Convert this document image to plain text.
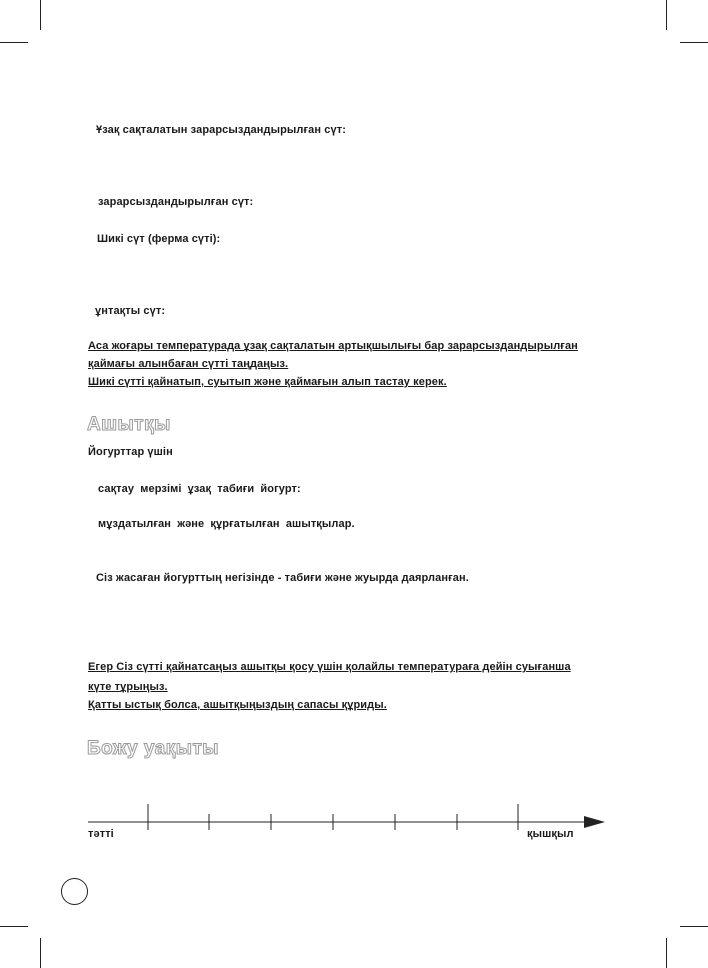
Ұзақ сақталатын зарарсыздандырылған сүт:
зарарсыздандырылған сүт:
Шикі сүт (ферма сүті):
ұнтақты сүт:
Аса жоғары температурада ұзақ сақталатын артықшылығы бар зарарсыздандырылған
қаймағы алынбаған сүтті таңдаңыз.
Шикі сүтті қайнатып, суытып және қаймағын алып тастау керек.
Ашытқы
Йогурттар үшін
сақтау мерзімі ұзақ табиғи йогурт:
мұздатылған және құрғатылған ашытқылар.
Сіз жасаған йогурттың негізінде - табиғи және жуырда даярланған.
Егер Сіз сүтті қайнатсаңыз ашытқы қосу үшін қолайлы температураға дейін суығанша
күте тұрыңыз.
Қатты ыстық болса, ашытқыңыздың сапасы құриды.
Божу уақыты
тәтті	қышқыл
